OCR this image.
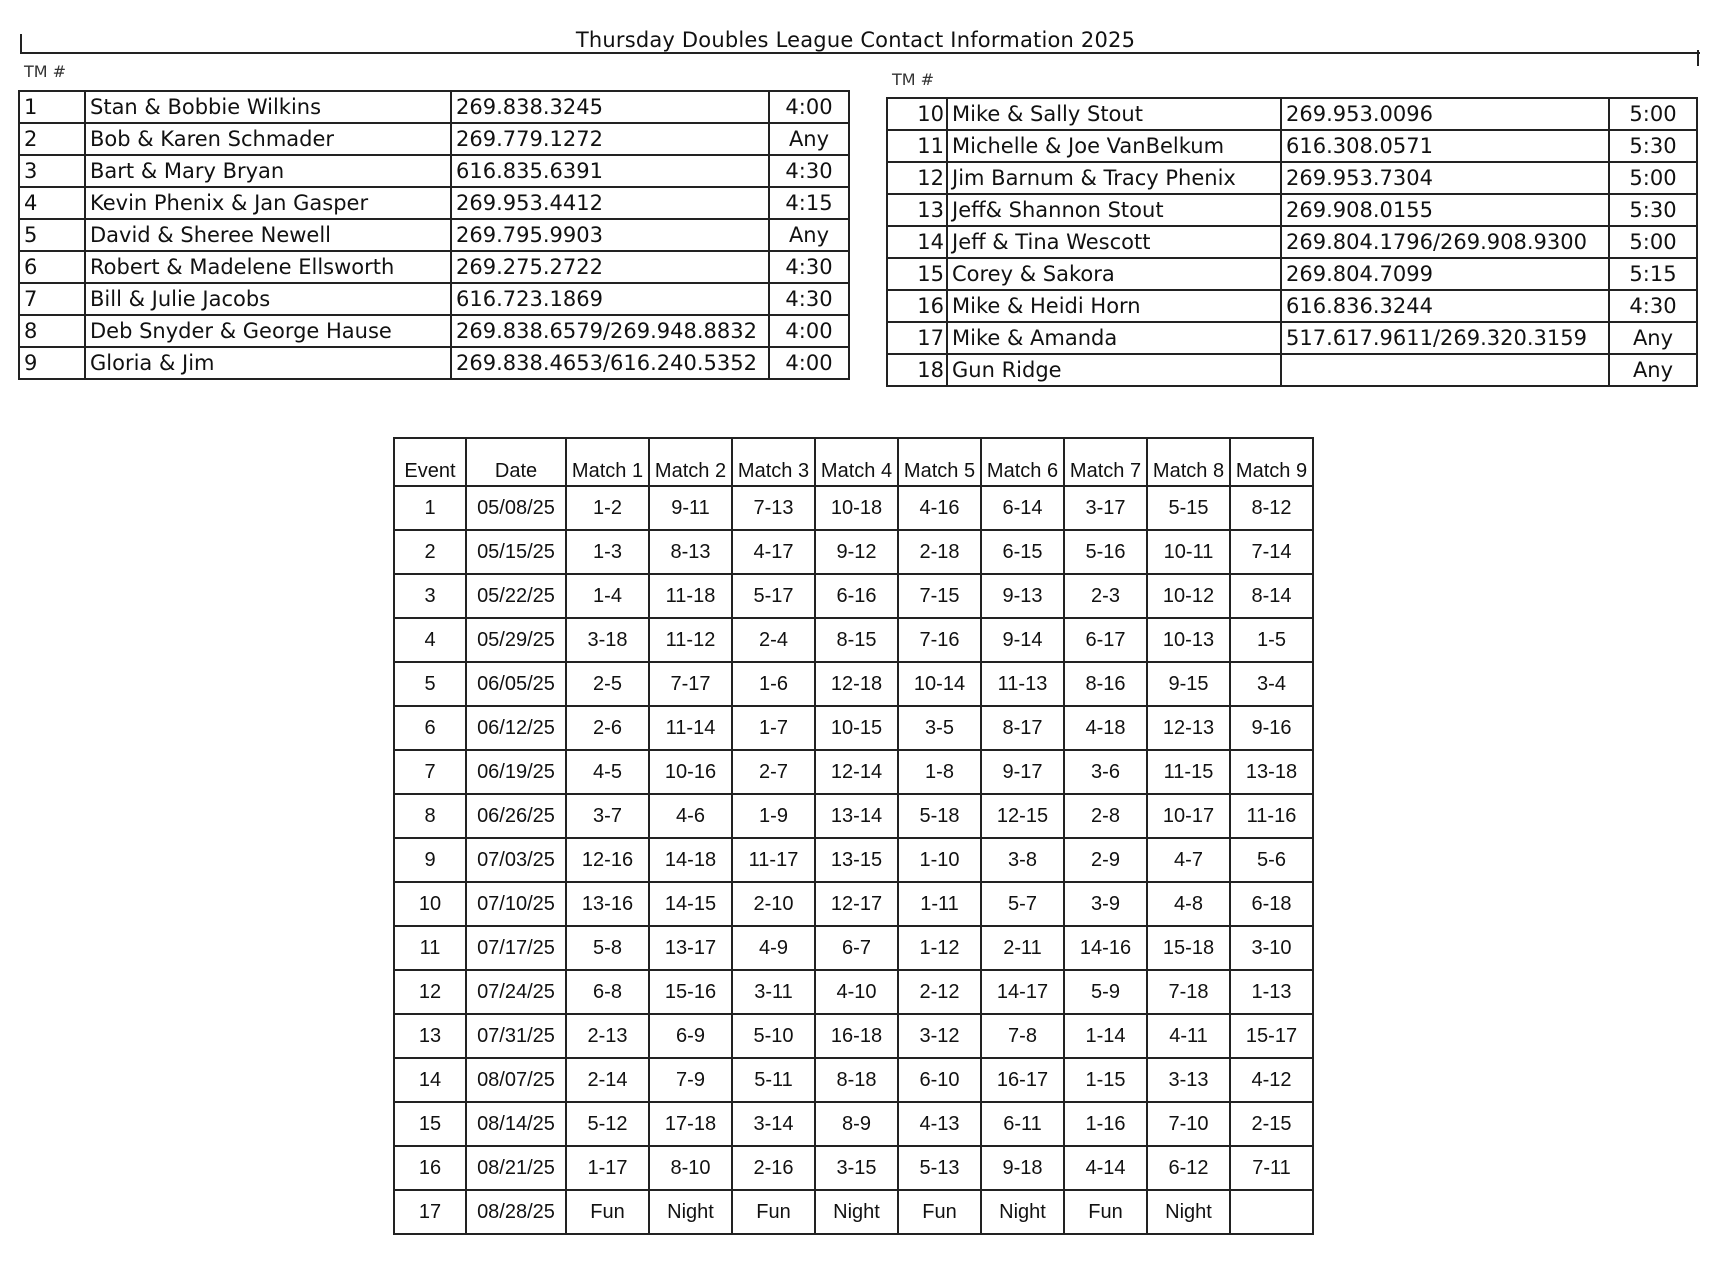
Thursday Doubles League Contact Information 2025
TM #	TM #
1	Stan & Bobbie Wilkins	269.838.3245	4:00
2	Bob & Karen Schmader	269.779.1272	Any
3	Bart & Mary Bryan	616.835.6391	4:30
4	Kevin Phenix & Jan Gasper	269.953.4412	4:15
5	David & Sheree Newell	269.795.9903	Any
6	Robert & Madelene Ellsworth	269.275.2722	4:30
7	Bill & Julie Jacobs	616.723.1869	4:30
8	Deb Snyder & George Hause	269.838.6579/269.948.8832	4:00
9	Gloria & Jim	269.838.4653/616.240.5352	4:00
10	Mike & Sally Stout	269.953.0096	5:00
11	Michelle & Joe VanBelkum	616.308.0571	5:30
12	Jim Barnum & Tracy Phenix	269.953.7304	5:00
13	Jeff& Shannon Stout	269.908.0155	5:30
14	Jeff & Tina Wescott	269.804.1796/269.908.9300	5:00
15	Corey & Sakora	269.804.7099	5:15
16	Mike & Heidi Horn	616.836.3244	4:30
17	Mike & Amanda	517.617.9611/269.320.3159	Any
18	Gun Ridge		Any
Event	Date	Match 1	Match 2	Match 3	Match 4	Match 5	Match 6	Match 7	Match 8	Match 9
1	05/08/25	1-2	9-11	7-13	10-18	4-16	6-14	3-17	5-15	8-12
2	05/15/25	1-3	8-13	4-17	9-12	2-18	6-15	5-16	10-11	7-14
3	05/22/25	1-4	11-18	5-17	6-16	7-15	9-13	2-3	10-12	8-14
4	05/29/25	3-18	11-12	2-4	8-15	7-16	9-14	6-17	10-13	1-5
5	06/05/25	2-5	7-17	1-6	12-18	10-14	11-13	8-16	9-15	3-4
6	06/12/25	2-6	11-14	1-7	10-15	3-5	8-17	4-18	12-13	9-16
7	06/19/25	4-5	10-16	2-7	12-14	1-8	9-17	3-6	11-15	13-18
8	06/26/25	3-7	4-6	1-9	13-14	5-18	12-15	2-8	10-17	11-16
9	07/03/25	12-16	14-18	11-17	13-15	1-10	3-8	2-9	4-7	5-6
10	07/10/25	13-16	14-15	2-10	12-17	1-11	5-7	3-9	4-8	6-18
11	07/17/25	5-8	13-17	4-9	6-7	1-12	2-11	14-16	15-18	3-10
12	07/24/25	6-8	15-16	3-11	4-10	2-12	14-17	5-9	7-18	1-13
13	07/31/25	2-13	6-9	5-10	16-18	3-12	7-8	1-14	4-11	15-17
14	08/07/25	2-14	7-9	5-11	8-18	6-10	16-17	1-15	3-13	4-12
15	08/14/25	5-12	17-18	3-14	8-9	4-13	6-11	1-16	7-10	2-15
16	08/21/25	1-17	8-10	2-16	3-15	5-13	9-18	4-14	6-12	7-11
17	08/28/25	Fun	Night	Fun	Night	Fun	Night	Fun	Night	
